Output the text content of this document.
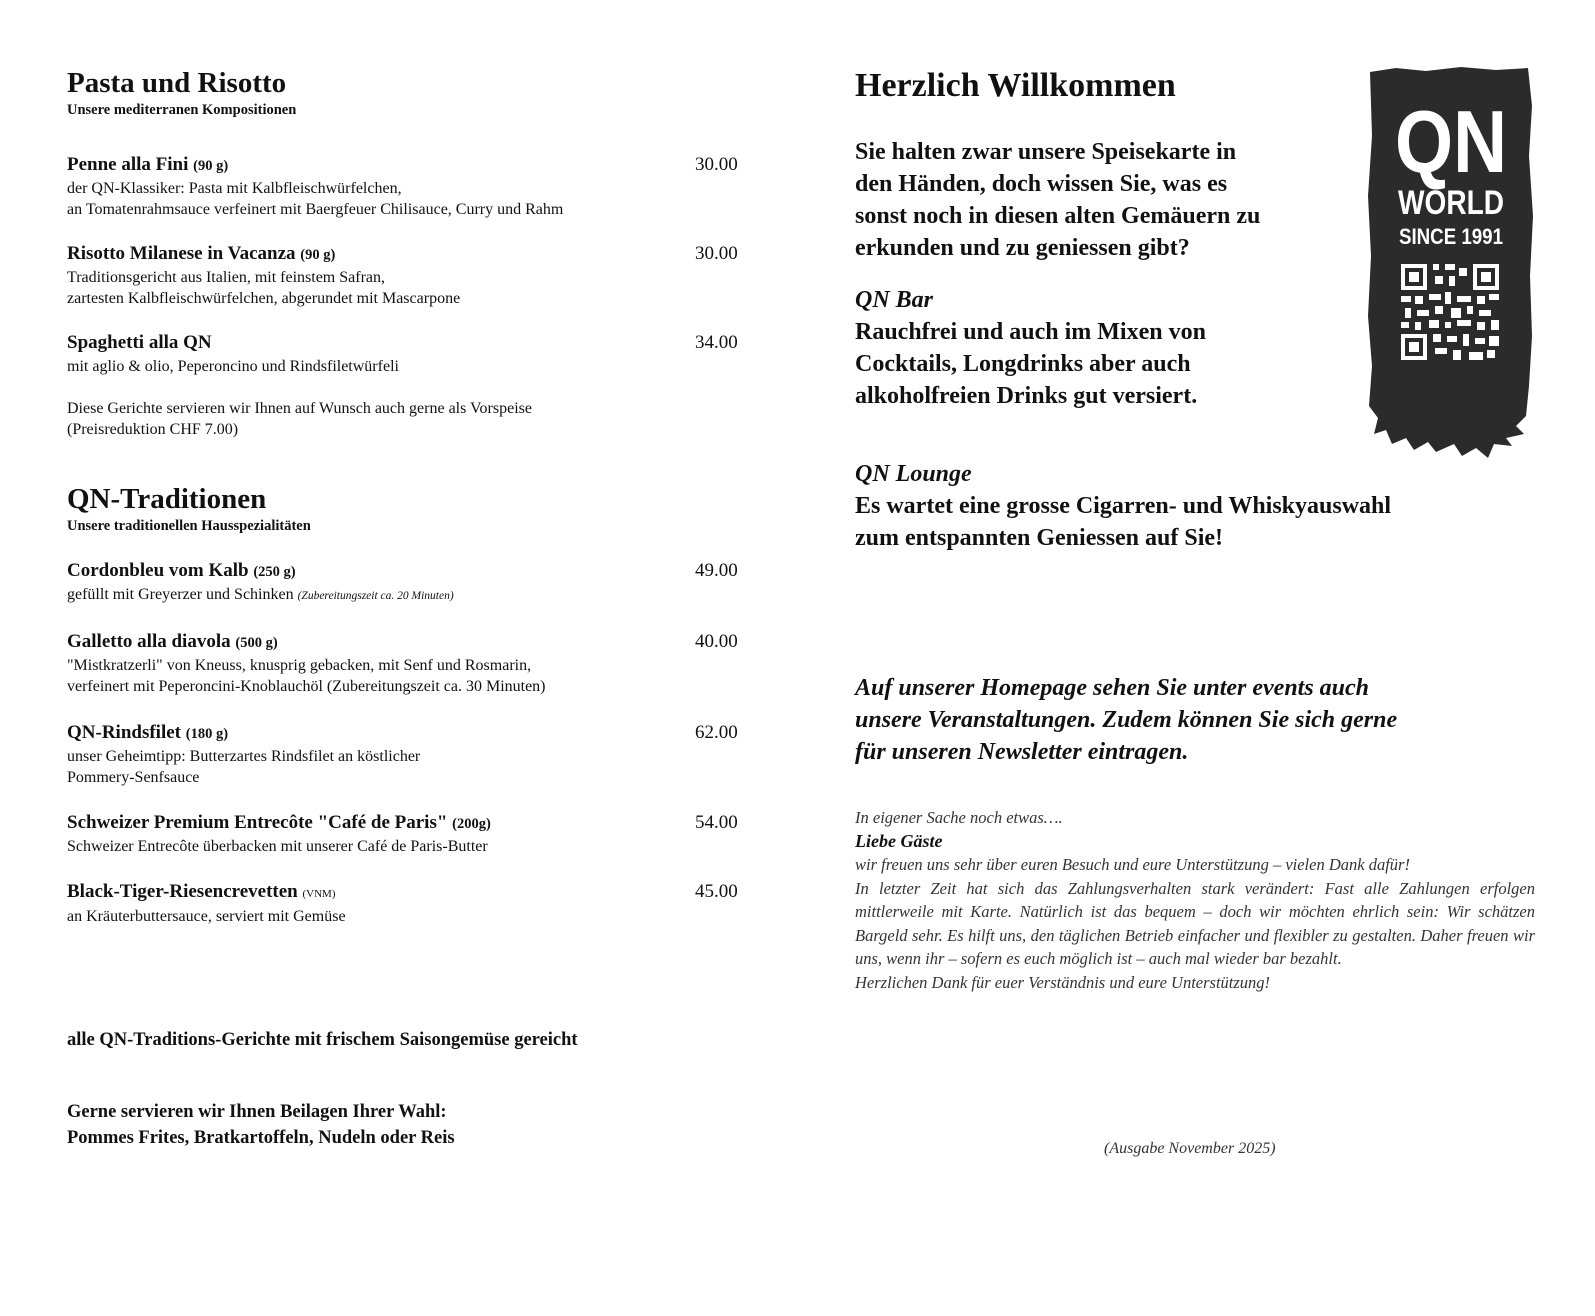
Pasta und Risotto
Unsere mediterranen Kompositionen
Penne alla Fini (90 g)	30.00
der QN-Klassiker: Pasta mit Kalbfleischwürfelchen,
an Tomatenrahmsauce verfeinert mit Baergfeuer Chilisauce, Curry und Rahm
Risotto Milanese in Vacanza (90 g)	30.00
Traditionsgericht aus Italien, mit feinstem Safran,
zartesten Kalbfleischwürfelchen, abgerundet mit Mascarpone
Spaghetti alla QN	34.00
mit aglio & olio, Peperoncino und Rindsfiletwürfeli
Diese Gerichte servieren wir Ihnen auf Wunsch auch gerne als Vorspeise
(Preisreduktion CHF 7.00)
QN-Traditionen
Unsere traditionellen Hausspezialitäten
Cordonbleu vom Kalb (250 g)	49.00
gefüllt mit Greyerzer und Schinken (Zubereitungszeit ca. 20 Minuten)
Galletto alla diavola (500 g)	40.00
"Mistkratzerli" von Kneuss, knusprig gebacken, mit Senf und Rosmarin,
verfeinert mit Peperoncini-Knoblauchöl (Zubereitungszeit ca. 30 Minuten)
QN-Rindsfilet (180 g)	62.00
unser Geheimtipp: Butterzartes Rindsfilet an köstlicher
Pommery-Senfsauce
Schweizer Premium Entrecôte "Café de Paris" (200g)	54.00
Schweizer Entrecôte überbacken mit unserer Café de Paris-Butter
Black-Tiger-Riesencrevetten (VNM)	45.00
an Kräuterbuttersauce, serviert mit Gemüse
alle QN-Traditions-Gerichte mit frischem Saisongemüse gereicht
Gerne servieren wir Ihnen Beilagen Ihrer Wahl:
Pommes Frites, Bratkartoffeln, Nudeln oder Reis
Herzlich Willkommen
Sie halten zwar unsere Speisekarte in
den Händen, doch wissen Sie, was es
sonst noch in diesen alten Gemäuern zu
erkunden und zu geniessen gibt?
QN Bar
Rauchfrei und auch im Mixen von
Cocktails, Longdrinks aber auch
alkoholfreien Drinks gut versiert.
QN Lounge
Es wartet eine grosse Cigarren- und Whiskyauswahl
zum entspannten Geniessen auf Sie!
Auf unserer Homepage sehen Sie unter events auch
unsere Veranstaltungen. Zudem können Sie sich gerne
für unseren Newsletter eintragen.
In eigener Sache noch etwas….
Liebe Gäste
wir freuen uns sehr über euren Besuch und eure Unterstützung – vielen Dank dafür!
In letzter Zeit hat sich das Zahlungsverhalten stark verändert: Fast alle Zahlungen erfolgen mittlerweile mit Karte. Natürlich ist das bequem – doch wir möchten ehrlich sein: Wir schätzen Bargeld sehr. Es hilft uns, den täglichen Betrieb einfacher und flexibler zu gestalten. Daher freuen wir uns, wenn ihr – sofern es euch möglich ist – auch mal wieder bar bezahlt.
Herzlichen Dank für euer Verständnis und eure Unterstützung!
(Ausgabe November 2025)
QN
WORLD
SINCE 1991
